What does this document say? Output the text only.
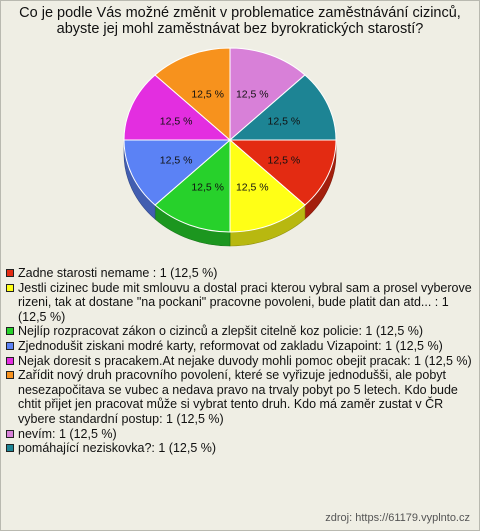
Co je podle Vás možné změnit v problematice zaměstnávání cizinců,
abyste jej mohl zaměstnávat bez byrokratických starostí?
12,5 %
12,5 %
12,5 %
12,5 %
12,5 %
12,5 % 12,5 %
12,5 %
Zadne starosti nemame : 1 (12,5 %)
Jestli cizinec bude mit smlouvu a dostal praci kterou vybral sam a prosel vyberove rizeni, tak at dostane "na pockani" pracovne povoleni, bude platit dan atd... : 1 (12,5 %)
Nejlíp rozpracovat zákon o cizinců a zlepšit citelně koz policie: 1 (12,5 %)
Zjednodušit ziskani modré karty, reformovat od zakladu Vizapoint: 1 (12,5 %)
Nejak doresit s pracakem.At nejake duvody mohli pomoc obejit pracak: 1 (12,5 %)
Zařídit nový druh pracovního povolení, které se vyřizuje jednodušši, ale pobyt nesezapočitava se vubec a nedava pravo na trvaly pobyt po 5 letech. Kdo bude chtit přijet jen pracovat může si vybrat tento druh. Kdo má zaměr zustat v ČR vybere standardní postup: 1 (12,5 %)
nevím: 1 (12,5 %)
pomáhající neziskovka?: 1 (12,5 %)
zdroj: https://61179.vyplnto.cz
